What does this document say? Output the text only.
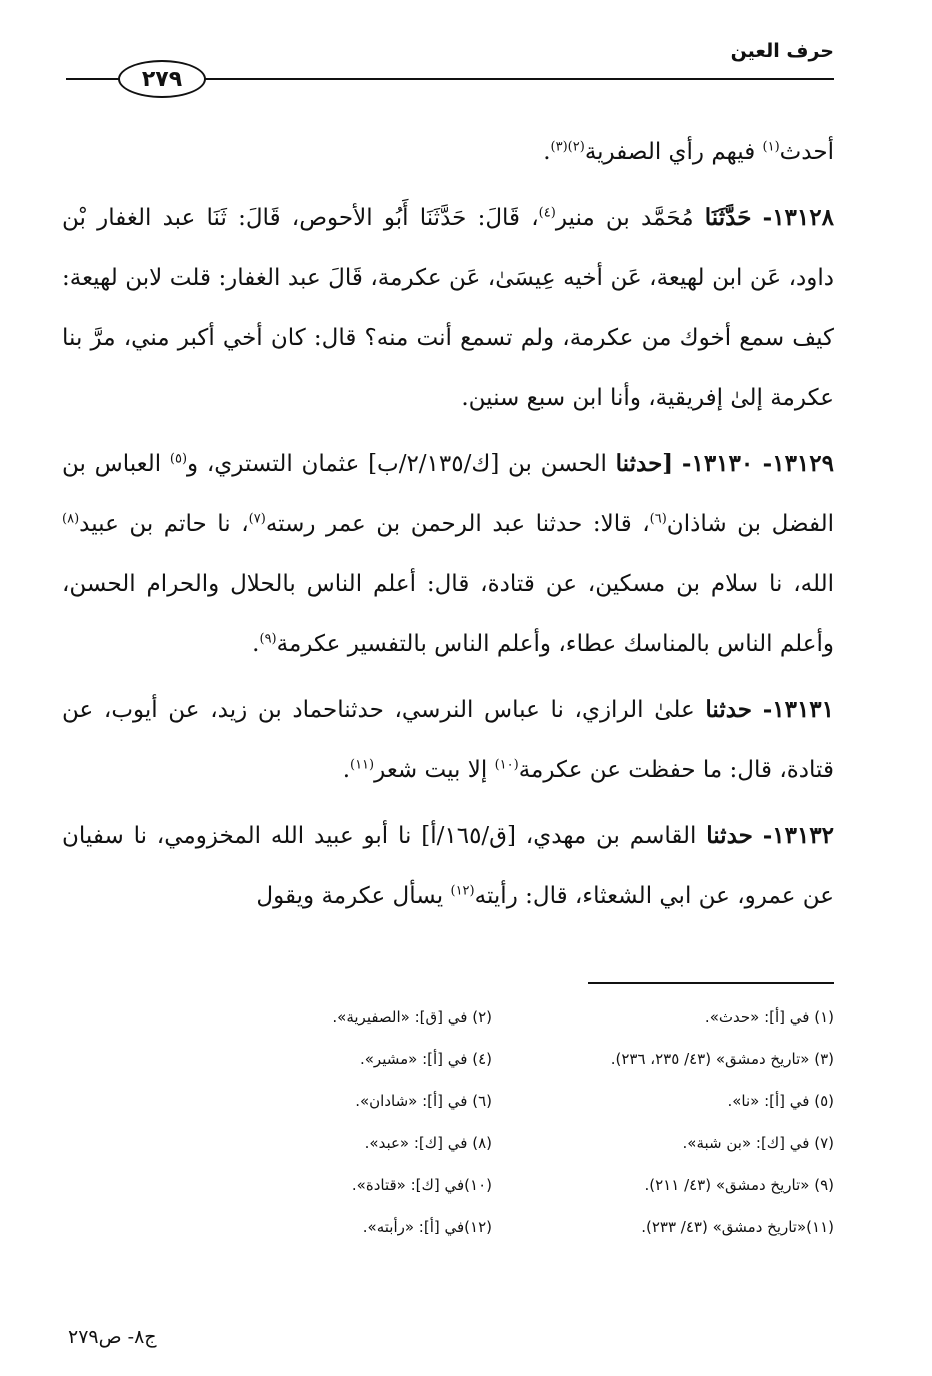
حرف العين
٢٧٩

أحدث$^{(١)}$ فيهم رأي الصفرية$^{(٢)(٣)}$.

١٣١٢٨- حَدَّثَنَا مُحَمَّد بن منير$^{(٤)}$، قَالَ: حَدَّثَنَا أَبُو الأحوص، قَالَ: ثَنَا عبد الغفار بْن داود، عَن ابن لهيعة، عَن أخيه عِيسَىٰ، عَن عكرمة، قَالَ عبد الغفار: قلت لابن لهيعة: كيف سمع أخوك من عكرمة، ولم تسمع أنت منه؟ قال: كان أخي أكبر مني، مرَّ بنا عكرمة إلىٰ إفريقية، وأنا ابن سبع سنين.

١٣١٢٩- ١٣١٣٠- [حدثنا الحسن بن [ك/٢/١٣٥/ب] عثمان التستري، و$^{(٥)}$ العباس بن الفضل بن شاذان$^{(٦)}$، قالا: حدثنا عبد الرحمن بن عمر رسته$^{(٧)}$، نا حاتم بن عبيد$^{(٨)}$ الله، نا سلام بن مسكين، عن قتادة، قال: أعلم الناس بالحلال والحرام الحسن، وأعلم الناس بالمناسك عطاء، وأعلم الناس بالتفسير عكرمة$^{(٩)}$.

١٣١٣١- حدثنا علىٰ الرازي، نا عباس النرسي، حدثناحماد بن زيد، عن أيوب، عن قتادة، قال: ما حفظت عن عكرمة$^{(١٠)}$ إلا بيت شعر$^{(١١)}$.

١٣١٣٢- حدثنا القاسم بن مهدي، [ق/١٦٥/أ] نا أبو عبيد الله المخزومي، نا سفيان عن عمرو، عن ابي الشعثاء، قال: رأيته$^{(١٢)}$ يسأل عكرمة ويقول

(١) في [أ]: «حدث».
(٢) في [ق]: «الصفيرية».
(٣) «تاريخ دمشق» (٤٣/ ٢٣٥، ٢٣٦).
(٤) في [أ]: «مشير».
(٥) في [أ]: «نا».
(٦) في [أ]: «شادان».
(٧) في [ك]: «بن شبة».
(٨) في [ك]: «عبد».
(٩) «تاريخ دمشق» (٤٣/ ٢١١).
(١٠)في [ك]: «قتادة».
(١١)«تاريخ دمشق» (٤٣/ ٢٣٣).
(١٢)في [أ]: «رأبته».
ج٨- ص٢٧٩
